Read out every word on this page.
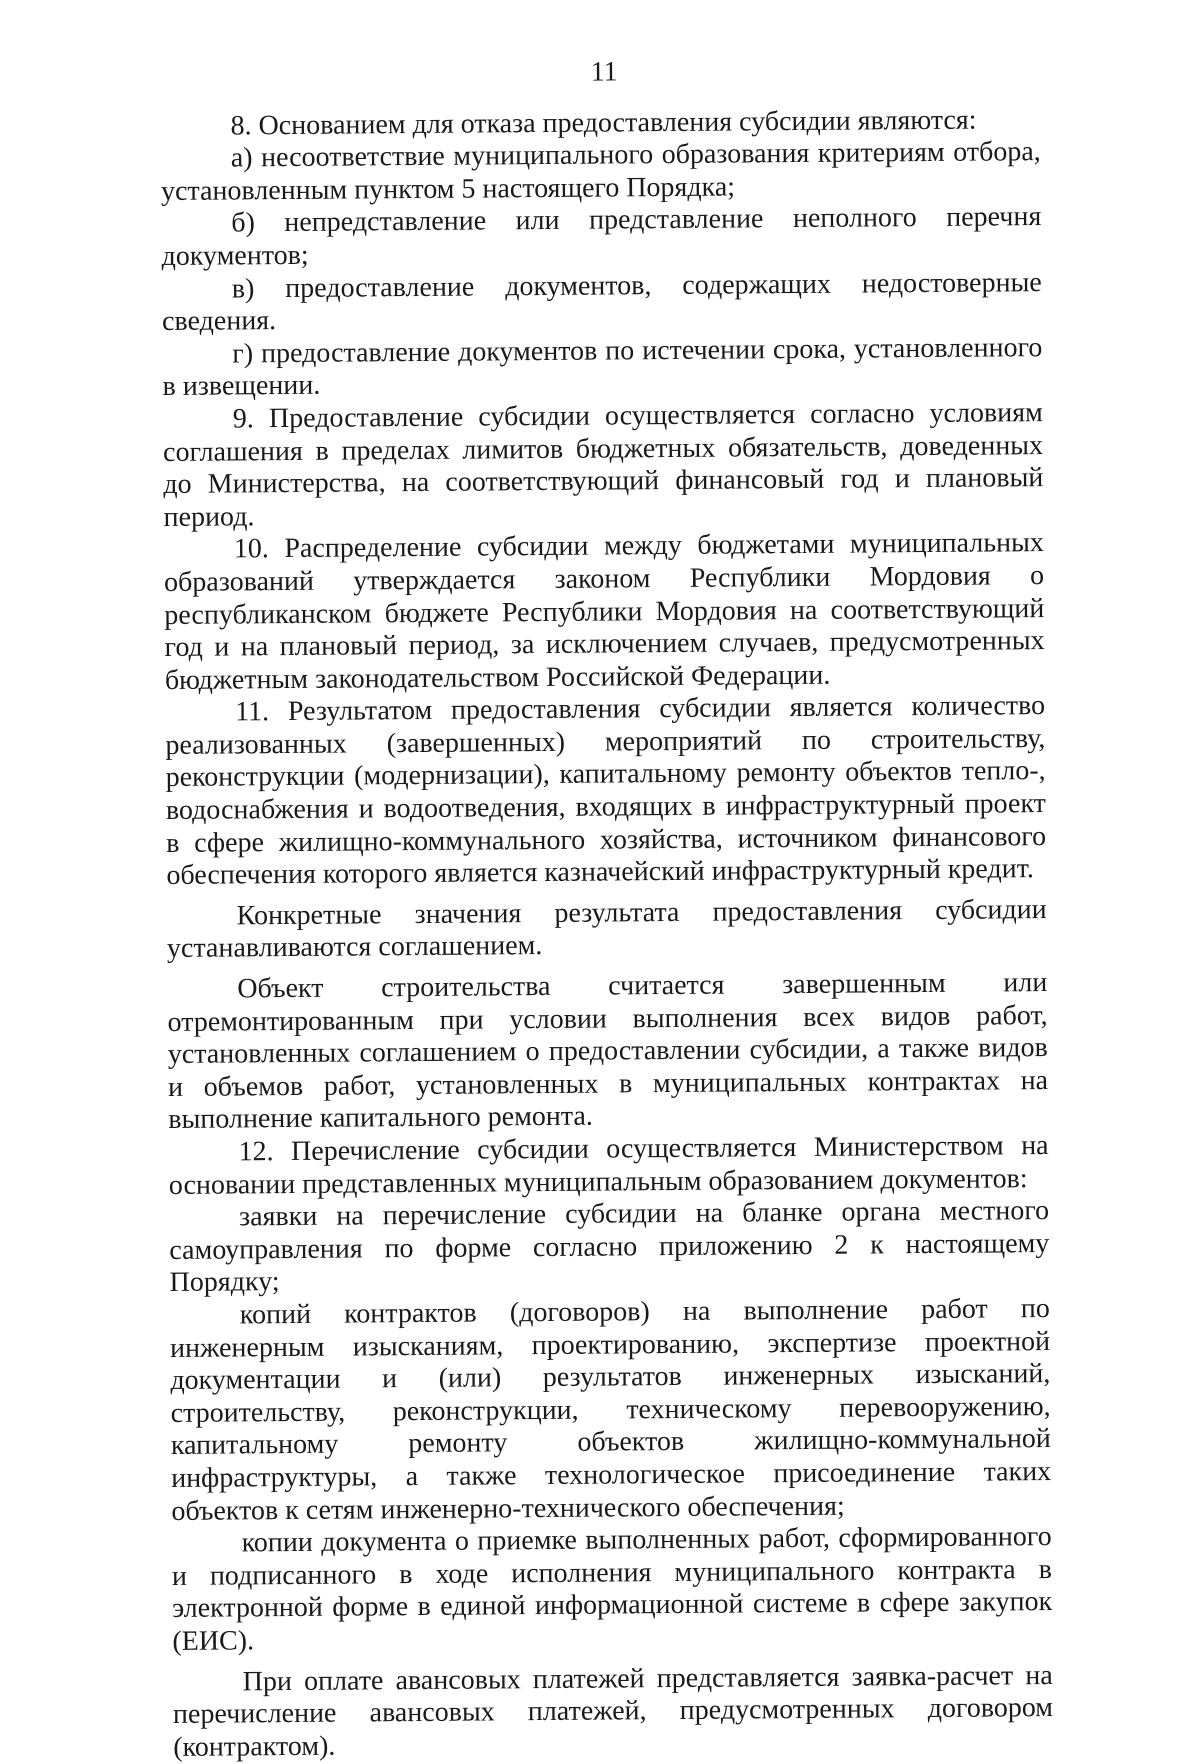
11

8. Основанием для отказа предоставления субсидии являются:

а) несоответствие муниципального образования критериям отбора, установленным пунктом 5 настоящего Порядка;

б) непредставление или представление неполного перечня документов;

в) предоставление документов, содержащих недостоверные сведения.

г) предоставление документов по истечении срока, установленного в извещении.

9. Предоставление субсидии осуществляется согласно условиям соглашения в пределах лимитов бюджетных обязательств, доведенных до Министерства, на соответствующий финансовый год и плановый период.

10. Распределение субсидии между бюджетами муниципальных образований утверждается законом Республики Мордовия о республиканском бюджете Республики Мордовия на соответствующий год и на плановый период, за исключением случаев, предусмотренных бюджетным законодательством Российской Федерации.

11. Результатом предоставления субсидии является количество реализованных (завершенных) мероприятий по строительству, реконструкции (модернизации), капитальному ремонту объектов тепло-, водоснабжения и водоотведения, входящих в инфраструктурный проект в сфере жилищно-коммунального хозяйства, источником финансового обеспечения которого является казначейский инфраструктурный кредит.

Конкретные значения результата предоставления субсидии устанавливаются соглашением.

Объект строительства считается завершенным или отремонтированным при условии выполнения всех видов работ, установленных соглашением о предоставлении субсидии, а также видов и объемов работ, установленных в муниципальных контрактах на выполнение капитального ремонта.

12. Перечисление субсидии осуществляется Министерством на основании представленных муниципальным образованием документов:

заявки на перечисление субсидии на бланке органа местного самоуправления по форме согласно приложению 2 к настоящему Порядку;

копий контрактов (договоров) на выполнение работ по инженерным изысканиям, проектированию, экспертизе проектной документации и (или) результатов инженерных изысканий, строительству, реконструкции, техническому перевооружению, капитальному ремонту объектов жилищно-коммунальной инфраструктуры, а также технологическое присоединение таких объектов к сетям инженерно-технического обеспечения;

копии документа о приемке выполненных работ, сформированного и подписанного в ходе исполнения муниципального контракта в электронной форме в единой информационной системе в сфере закупок (ЕИС).

При оплате авансовых платежей представляется заявка-расчет на перечисление авансовых платежей, предусмотренных договором (контрактом).
